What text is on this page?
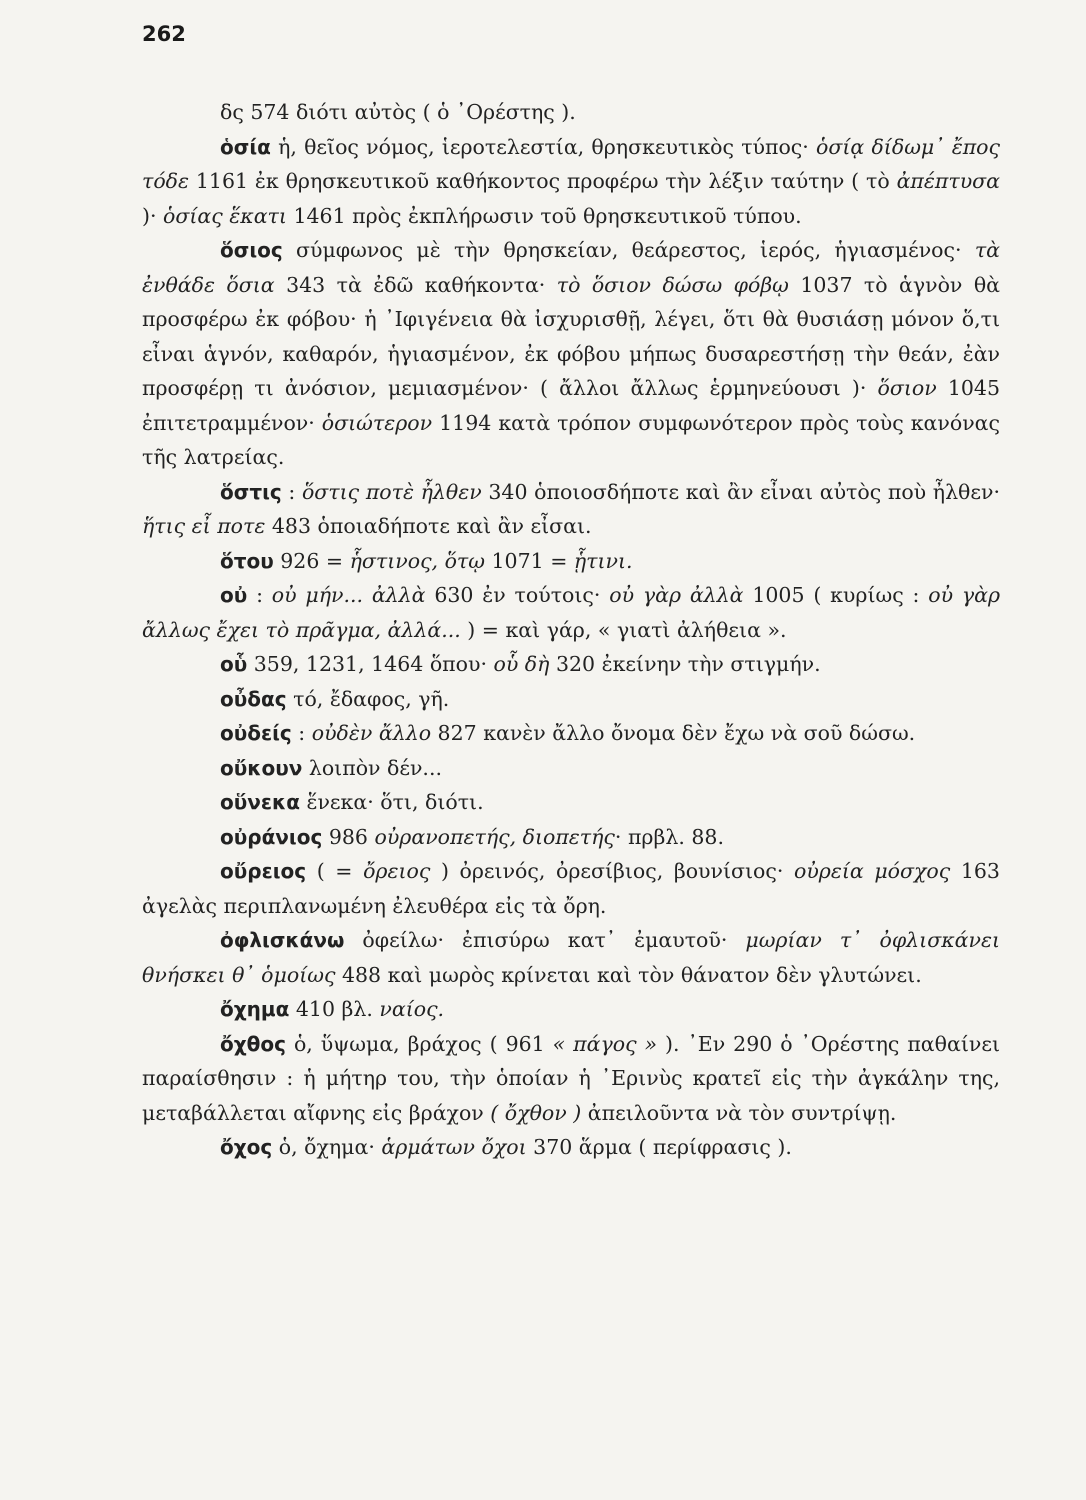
262

δς 574 διότι αὐτὸς ( ὁ ᾿Ορέστης ).

ὁσία ἡ, θεῖος νόμος, ἱεροτελεστία, θρησκευτικὸς τύπος· ὁσίᾳ δίδωμ᾿ ἔπος τόδε 1161 ἐκ θρησκευτικοῦ καθήκοντος προφέρω τὴν λέξιν ταύτην ( τὸ ἀπέπτυσα )· ὁσίας ἕκατι 1461 πρὸς ἐκπλήρωσιν τοῦ θρησκευτικοῦ τύπου.

ὅσιος σύμφωνος μὲ τὴν θρησκείαν, θεάρεστος, ἱερός, ἡγιασμένος· τὰ ἐνθάδε ὅσια 343 τὰ ἐδῶ καθήκοντα· τὸ ὅσιον δώσω φόβῳ 1037 τὸ ἁγνὸν θὰ προσφέρω ἐκ φόβου· ἡ ᾿Ιφιγένεια θὰ ἰσχυρισθῇ, λέγει, ὅτι θὰ θυσιάσῃ μόνον ὅ,τι εἶναι ἁγνόν, καθαρόν, ἡγιασμένον, ἐκ φόβου μήπως δυσαρεστήσῃ τὴν θεάν, ἐὰν προσφέρῃ τι ἀνόσιον, μεμιασμένον· ( ἄλλοι ἄλλως ἑρμηνεύουσι )· ὅσιον 1045 ἐπιτετραμμένον· ὁσιώτερον 1194 κατὰ τρόπον συμφωνότερον πρὸς τοὺς κανόνας τῆς λατρείας.

ὅστις : ὅστις ποτὲ ἦλθεν 340 ὁποιοσδήποτε καὶ ἂν εἶναι αὐτὸς ποὺ ἦλθεν· ἥτις εἶ ποτε 483 ὁποιαδήποτε καὶ ἂν εἶσαι.

ὅτου 926 = ἧστινος, ὅτῳ 1071 = ᾗτινι.

οὐ : οὐ μήν... ἀλλὰ 630 ἐν τούτοις· οὐ γὰρ ἀλλὰ 1005 ( κυρίως : οὐ γὰρ ἄλλως ἔχει τὸ πρᾶγμα, ἀλλά... ) = καὶ γάρ, « γιατὶ ἀλήθεια ».

οὗ 359, 1231, 1464 ὅπου· οὗ δὴ 320 ἐκείνην τὴν στιγμήν.

οὖδας τό, ἔδαφος, γῆ.

οὐδείς : οὐδὲν ἄλλο 827 κανὲν ἄλλο ὄνομα δὲν ἔχω νὰ σοῦ δώσω.

οὔκουν λοιπὸν δέν...

οὕνεκα ἕνεκα· ὅτι, διότι.

οὐράνιος 986 οὐρανοπετής, διοπετής· πρβλ. 88.

οὔρειος ( = ὄρειος ) ὀρεινός, ὀρεσίβιος, βουνίσιος· οὐρεία μόσχος 163 ἀγελὰς περιπλανωμένη ἐλευθέρα εἰς τὰ ὄρη.

ὀφλισκάνω ὀφείλω· ἐπισύρω κατ᾿ ἐμαυτοῦ· μωρίαν τ᾿ ὀφλισκάνει θνήσκει θ᾿ ὁμοίως 488 καὶ μωρὸς κρίνεται καὶ τὸν θάνατον δὲν γλυτώνει.

ὄχημα 410 βλ. ναίος.

ὄχθος ὁ, ὕψωμα, βράχος ( 961 « πάγος » ). ᾿Εν 290 ὁ ᾿Ορέστης παθαίνει παραίσθησιν : ἡ μήτηρ του, τὴν ὁποίαν ἡ ᾿Ερινὺς κρατεῖ εἰς τὴν ἀγκάλην της, μεταβάλλεται αἴφνης εἰς βράχον ( ὄχθον ) ἀπειλοῦντα νὰ τὸν συντρίψῃ.

ὄχος ὁ, ὄχημα· ἁρμάτων ὄχοι 370 ἅρμα ( περίφρασις ).
